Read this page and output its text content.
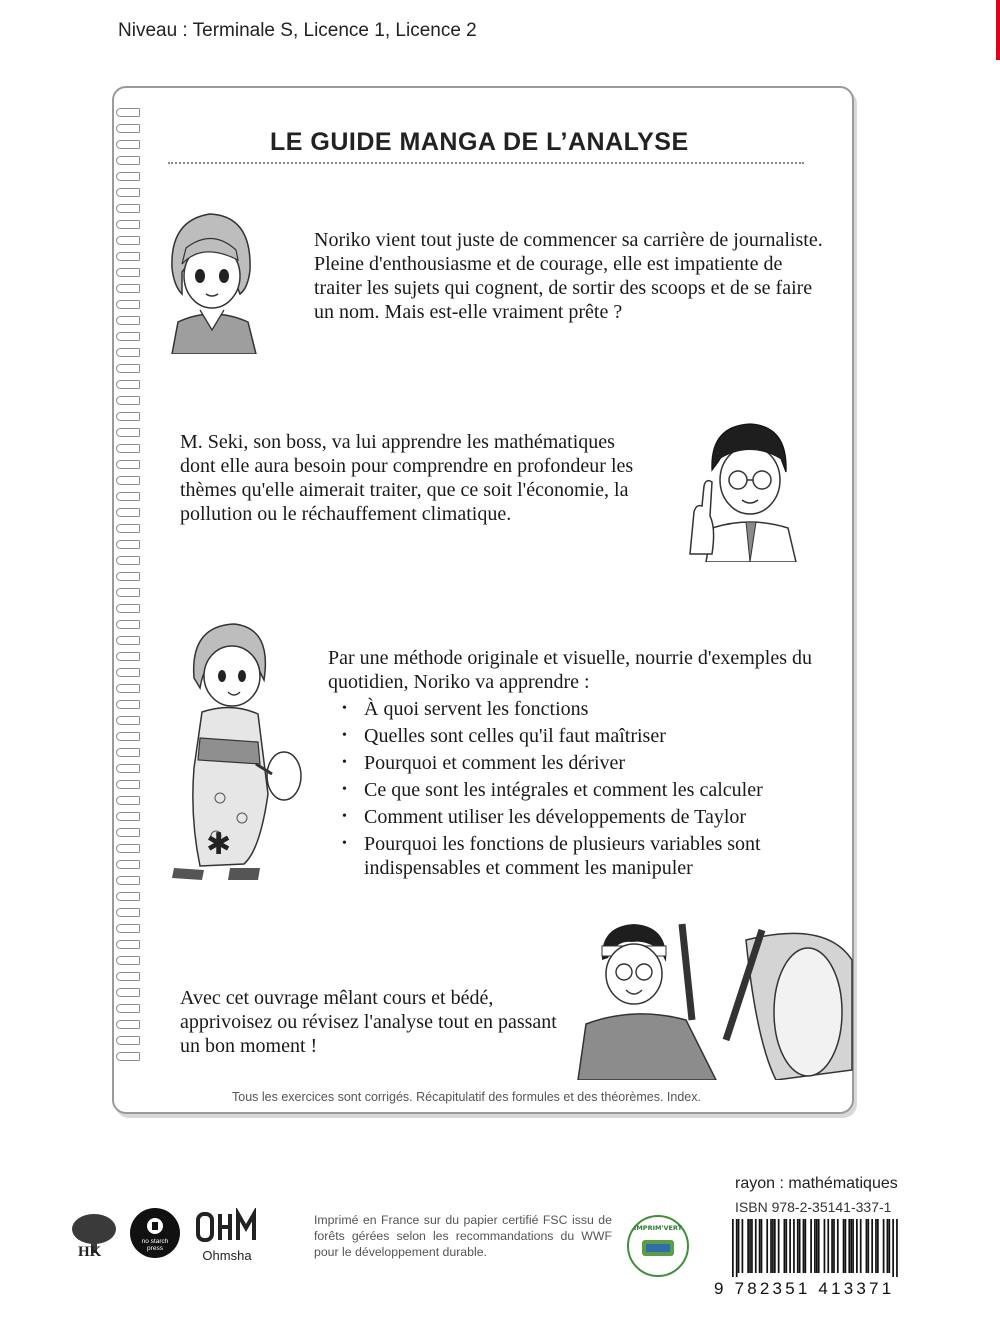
Niveau : Terminale S, Licence 1, Licence 2
LE GUIDE MANGA DE L’ANALYSE
✱
Noriko vient tout juste de commencer sa carrière de journaliste. Pleine d'enthousiasme et de courage, elle est impatiente de traiter les sujets qui cognent, de sortir des scoops et de se faire un nom. Mais est-elle vraiment prête ?
M. Seki, son boss, va lui apprendre les mathématiques dont elle aura besoin pour comprendre en profondeur les thèmes qu'elle aimerait traiter, que ce soit l'économie, la pollution ou le réchauffement climatique.
Par une méthode originale et visuelle, nourrie d'exemples du quotidien, Noriko va apprendre :
• À quoi servent les fonctions
• Quelles sont celles qu'il faut maîtriser
• Pourquoi et comment les dériver
• Ce que sont les intégrales et comment les calculer
• Comment utiliser les développements de Taylor
• Pourquoi les fonctions de plusieurs variables sont indispensables et comment les manipuler
Avec cet ouvrage mêlant cours et bédé, apprivoisez ou révisez l'analyse tout en passant un bon moment !
Tous les exercices sont corrigés. Récapitulatif des formules et des théorèmes. Index.
HK
no starch press	Ohmsha
Imprimé en France sur du papier certifié FSC issu de forêts gérées selon les recommandations du WWF pour le développement durable.
IMPRIM'VERT
rayon : mathématiques
ISBN 978-2-35141-337-1
9 782351 413371
